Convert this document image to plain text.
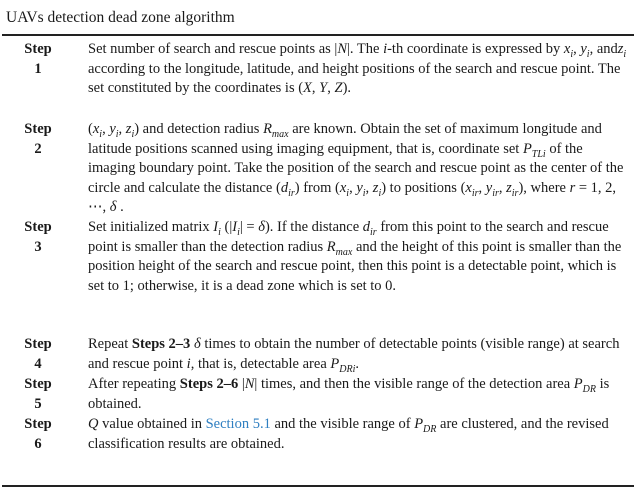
UAVs detection dead zone algorithm
Step
1
Set number of search and rescue points as |N|. The i-th coordinate is expressed by $x_i$, $y_i$, andz$_i$ according to the longitude, latitude, and height positions of the search and rescue point. The set constituted by the coordinates is (X, Y, Z).
Step
2
($x_i$, $y_i$, $z_i$) and detection radius $R_{max}$ are known. Obtain the set of maximum longitude and latitude positions scanned using imaging equipment, that is, coordinate set $P_{TLi}$ of the imaging boundary point. Take the position of the search and rescue point as the center of the circle and calculate the distance $(d_{ir})$ from ($x_i$, $y_i$, $z_i$) to positions ($x_{ir}$, $y_{ir}$, $z_{ir}$), where r = 1, 2, ⋯, δ .
Step
3
Set initialized matrix $I_i$ $(|I_i| = \delta)$. If the distance $d_{ir}$ from this point to the search and rescue point is smaller than the detection radius $R_{max}$ and the height of this point is smaller than the position height of the search and rescue point, then this point is a detectable point, which is set to 1; otherwise, it is a dead zone which is set to 0.
Step
4
Repeat Steps 2–3 δ times to obtain the number of detectable points (visible range) at search and rescue point i, that is, detectable area $P_{DRi}$.
Step
5
After repeating Steps 2–6 |N| times, and then the visible range of the detection area $P_{DR}$ is obtained.
Step
6
Q value obtained in Section 5.1 and the visible range of $P_{DR}$ are clustered, and the revised classification results are obtained.
